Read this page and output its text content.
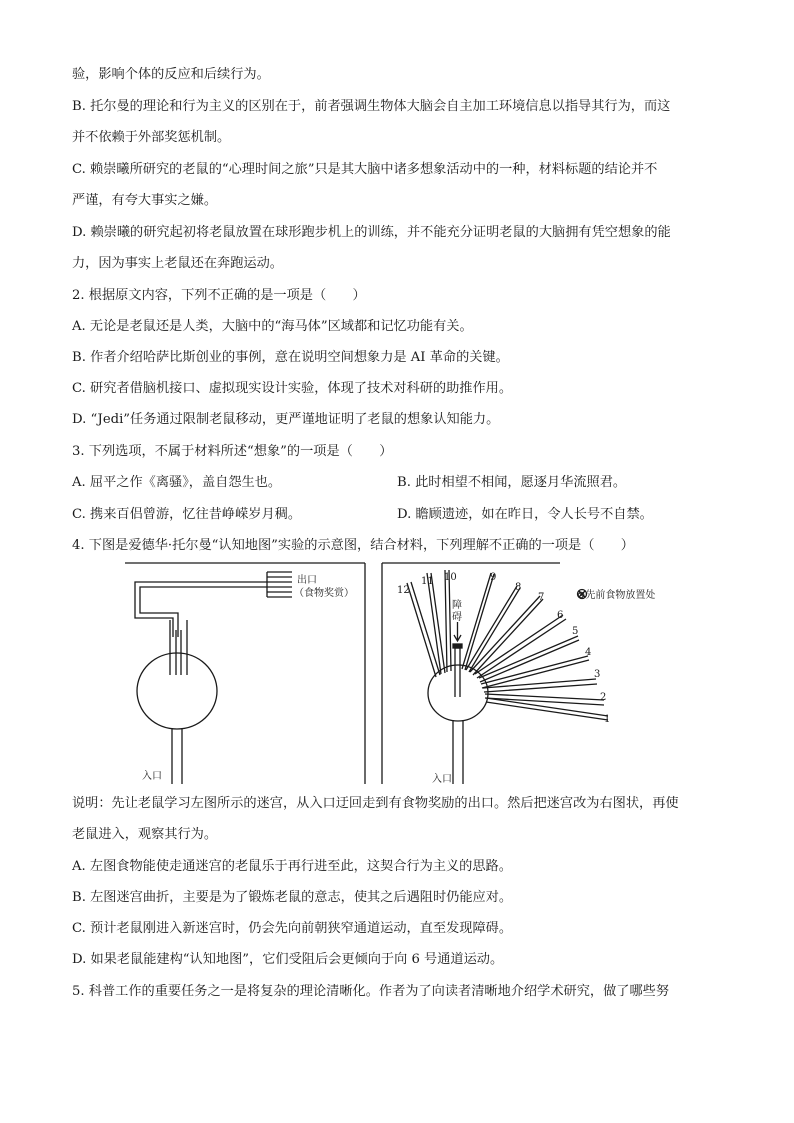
验，影响个体的反应和后续行为。

B. 托尔曼的理论和行为主义的区别在于，前者强调生物体大脑会自主加工环境信息以指导其行为，而这

并不依赖于外部奖惩机制。

C. 赖崇曦所研究的老鼠的“心理时间之旅”只是其大脑中诸多想象活动中的一种，材料标题的结论并不

严谨，有夸大事实之嫌。

D. 赖崇曦的研究起初将老鼠放置在球形跑步机上的训练，并不能充分证明老鼠的大脑拥有凭空想象的能

力，因为事实上老鼠还在奔跑运动。

2. 根据原文内容，下列不正确的是一项是（　　）

A. 无论是老鼠还是人类，大脑中的“海马体”区域都和记忆功能有关。

B. 作者介绍哈萨比斯创业的事例，意在说明空间想象力是 AI 革命的关键。

C. 研究者借脑机接口、虚拟现实设计实验，体现了技术对科研的助推作用。

D. “Jedi”任务通过限制老鼠移动，更严谨地证明了老鼠的想象认知能力。

3. 下列选项，不属于材料所述“想象”的一项是（　　）

A. 屈平之作《离骚》，盖自怨生也。	B. 此时相望不相闻，愿逐月华流照君。

C. 携来百侣曾游，忆往昔峥嵘岁月稠。	D. 瞻顾遗迹，如在昨日，令人长号不自禁。

4. 下图是爱德华·托尔曼“认知地图”实验的示意图，结合材料，下列理解不正确的一项是（　　）

出口
（食物奖赏）
入口
障
碍
⊗先前食物放置处
入口
1
2
3
4
5
6
7
8
9
10
11
12

说明：先让老鼠学习左图所示的迷宫，从入口迂回走到有食物奖励的出口。然后把迷宫改为右图状，再使

老鼠进入，观察其行为。

A. 左图食物能使走通迷宫的老鼠乐于再行进至此，这契合行为主义的思路。

B. 左图迷宫曲折，主要是为了锻炼老鼠的意志，使其之后遇阻时仍能应对。

C. 预计老鼠刚进入新迷宫时，仍会先向前朝狭窄通道运动，直至发现障碍。

D. 如果老鼠能建构“认知地图”，它们受阻后会更倾向于向 6 号通道运动。

5. 科普工作的重要任务之一是将复杂的理论清晰化。作者为了向读者清晰地介绍学术研究，做了哪些努
